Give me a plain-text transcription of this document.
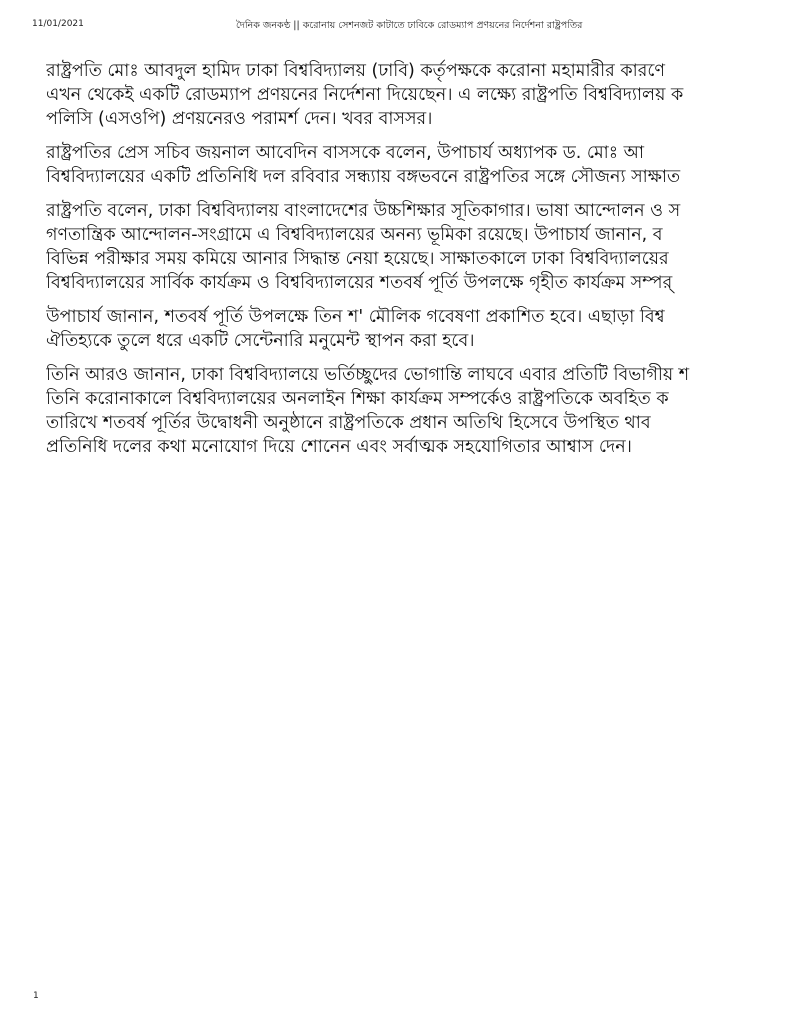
11/01/2021	দৈনিক জনকণ্ঠ || করোনায় সেশনজট কাটাতে ঢাবিকে রোডম্যাপ প্রণয়নের নির্দেশনা রাষ্ট্রপতির

রাষ্ট্রপতি মোঃ আবদুল হামিদ ঢাকা বিশ্ববিদ্যালয় (ঢাবি) কর্তৃপক্ষকে করোনা মহামারীর কারণে
এখন থেকেই একটি রোডম্যাপ প্রণয়নের নির্দেশনা দিয়েছেন। এ লক্ষ্যে রাষ্ট্রপতি বিশ্ববিদ্যালয় ক
পলিসি (এসওপি) প্রণয়নেরও পরামর্শ দেন। খবর বাসসর।

রাষ্ট্রপতির প্রেস সচিব জয়নাল আবেদিন বাসসকে বলেন, উপাচার্য অধ্যাপক ড. মোঃ আ
বিশ্ববিদ্যালয়ের একটি প্রতিনিধি দল রবিবার সন্ধ্যায় বঙ্গভবনে রাষ্ট্রপতির সঙ্গে সৌজন্য সাক্ষাত

রাষ্ট্রপতি বলেন, ঢাকা বিশ্ববিদ্যালয় বাংলাদেশের উচ্চশিক্ষার সূতিকাগার। ভাষা আন্দোলন ও স
গণতান্ত্রিক আন্দোলন-সংগ্রামে এ বিশ্ববিদ্যালয়ের অনন্য ভূমিকা রয়েছে। উপাচার্য জানান, ব
বিভিন্ন পরীক্ষার সময় কমিয়ে আনার সিদ্ধান্ত নেয়া হয়েছে। সাক্ষাতকালে ঢাকা বিশ্ববিদ্যালয়ের
বিশ্ববিদ্যালয়ের সার্বিক কার্যক্রম ও বিশ্ববিদ্যালয়ের শতবর্ষ পূর্তি উপলক্ষে গৃহীত কার্যক্রম সম্পর্

উপাচার্য জানান, শতবর্ষ পূর্তি উপলক্ষে তিন শ' মৌলিক গবেষণা প্রকাশিত হবে। এছাড়া বিশ্ব
ঐতিহ্যকে তুলে ধরে একটি সেন্টেনারি মনুমেন্ট স্থাপন করা হবে।

তিনি আরও জানান, ঢাকা বিশ্ববিদ্যালয়ে ভর্তিচ্ছুদের ভোগান্তি লাঘবে এবার প্রতিটি বিভাগীয় শ
তিনি করোনাকালে বিশ্ববিদ্যালয়ের অনলাইন শিক্ষা কার্যক্রম সম্পর্কেও রাষ্ট্রপতিকে অবহিত ক
তারিখে শতবর্ষ পূর্তির উদ্বোধনী অনুষ্ঠানে রাষ্ট্রপতিকে প্রধান অতিথি হিসেবে উপস্থিত থাব
প্রতিনিধি দলের কথা মনোযোগ দিয়ে শোনেন এবং সর্বাত্মক সহযোগিতার আশ্বাস দেন।

1
